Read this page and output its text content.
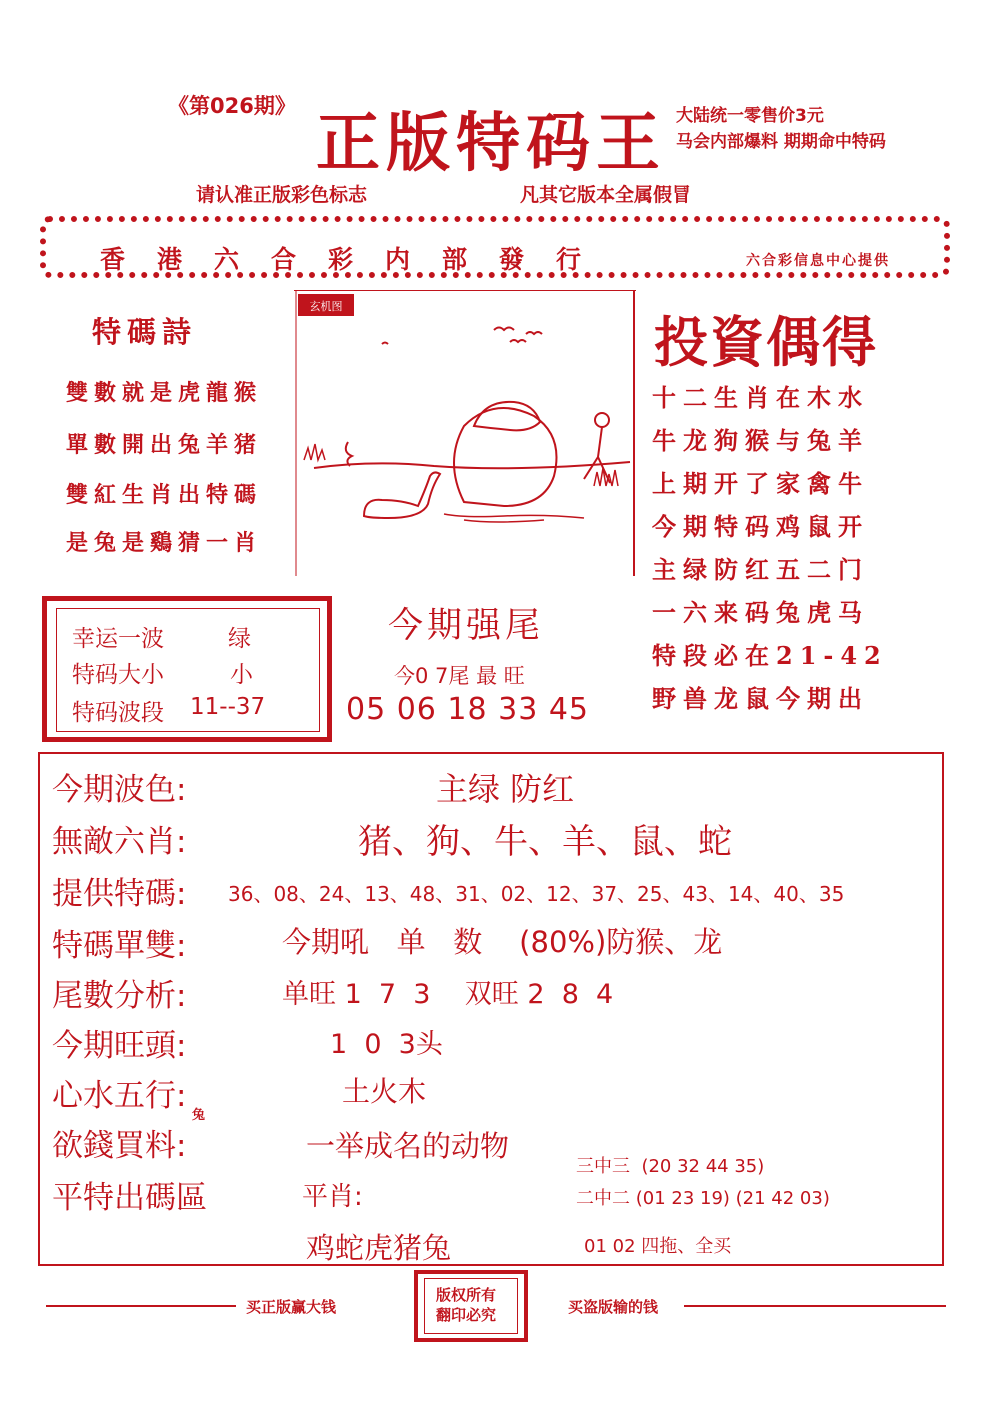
《第026期》 正版特码王 大陆统一零售价3元
马会内部爆料 期期命中特码
请认准正版彩色标志	凡其它版本全属假冒
香港六合彩内部發行	六合彩信息中心提供
特碼詩
雙數就是虎龍猴
單數開出兔羊猪
雙紅生肖出特碼
是兔是鷄猜一肖
玄机图
投資偶得
十二生肖在木水
牛龙狗猴与兔羊
上期开了家禽牛
今期特码鸡鼠开
主绿防红五二门
一六来码兔虎马
特段必在21-42
野兽龙鼠今期出
幸运一波	绿
特码大小	小
特码波段 11--37
今期强尾
今0 7尾 最 旺
05 06 18 33 45
今期波色:	主绿 防红
無敵六肖:	猪、狗、牛、羊、鼠、蛇
提供特碼: 36、08、24、13、48、31、02、12、37、25、43、14、40、35
特碼單雙:	今期吼   单   数    (80%)防猴、龙
尾數分析:	单旺 1  7  3    双旺 2  8  4
今期旺頭:	1  0  3头
心水五行:	土火木
欲錢買料:
兔
一举成名的动物
平特出碼區	平肖:
鸡蛇虎猪兔
三中三  (20 32 44 35)
二中二 (01 23 19) (21 42 03)
01 02 四拖、全买
买正版赢大钱
版权所有
翻印必究	买盗版输的钱
